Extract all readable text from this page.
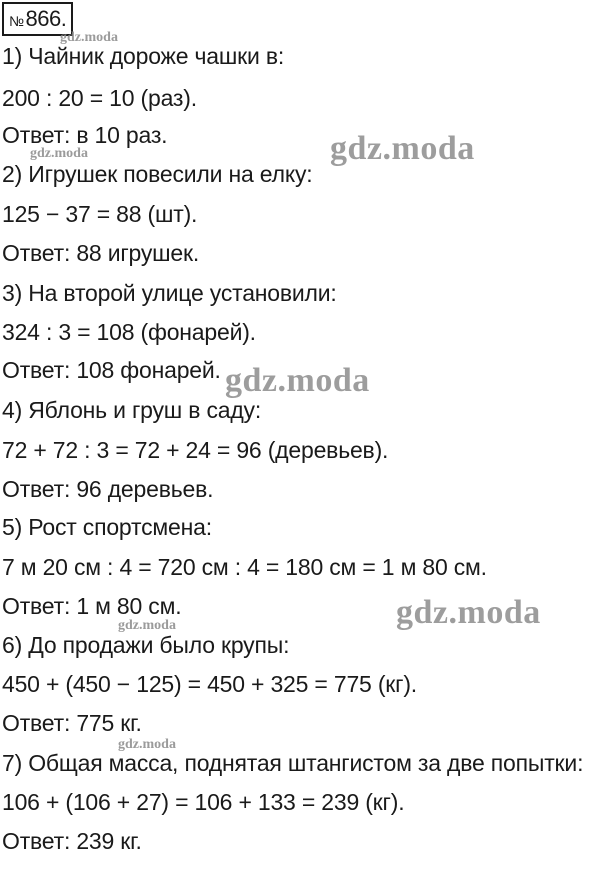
№866.
1) Чайник дороже чашки в:
200 : 20 = 10 (раз).
Ответ: в 10 раз.
2) Игрушек повесили на елку:
125 − 37 = 88 (шт).
Ответ: 88 игрушек.
3) На второй улице установили:
324 : 3 = 108 (фонарей).
Ответ: 108 фонарей.
4) Яблонь и груш в саду:
72 + 72 : 3 = 72 + 24 = 96 (деревьев).
Ответ: 96 деревьев.
5) Рост спортсмена:
7 м 20 см : 4 = 720 см : 4 = 180 см = 1 м 80 см.
Ответ: 1 м 80 см.
6) До продажи было крупы:
450 + (450 − 125) = 450 + 325 = 775 (кг).
Ответ: 775 кг.
7) Общая масса, поднятая штангистом за две попытки:
106 + (106 + 27) = 106 + 133 = 239 (кг).
Ответ: 239 кг.
gdz.moda
gdz.moda
gdz.moda
gdz.moda
gdz.moda
gdz.moda
gdz.moda
